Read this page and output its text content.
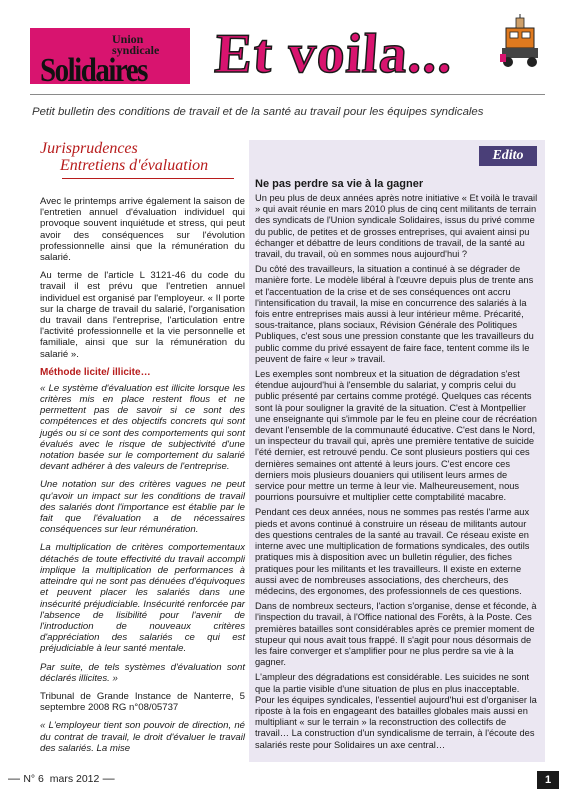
Union
syndicale
Solidaires Et voila...
Petit bulletin des conditions de travail et de la santé au travail pour les équipes syndicales
Jurisprudences
Entretiens d'évaluation

Avec le printemps arrive également la saison de l'entretien annuel d'évaluation individuel qui provoque souvent inquiétude et stress, qui peut avoir des conséquences sur l'évolution professionnelle ainsi que la rémunération du salarié.

Au terme de l'article L 3121-46 du code du travail il est prévu que l'entretien annuel individuel est organisé par l'employeur. « Il porte sur la charge de travail du salarié, l'organisation du travail dans l'entreprise, l'articulation entre l'activité professionnelle et la vie personnelle et familiale, ainsi que sur la rémunération du salarié ».

Méthode licite/ illicite…

« Le système d'évaluation est illicite lorsque les critères mis en place restent flous et ne permettent pas de savoir si ce sont des compétences et des objectifs concrets qui sont jugés ou si ce sont des comportements qui sont évalués avec le risque de subjectivité d'une notation basée sur le comportement du salarié devant adhérer à des valeurs de l'entreprise.

Une notation sur des critères vagues ne peut qu'avoir un impact sur les conditions de travail des salariés dont l'importance est établie par le fait que l'évaluation a de nécessaires conséquences sur leur rémunération.

La multiplication de critères comportementaux détachés de toute effectivité du travail accompli implique la multiplication de performances à atteindre qui ne sont pas dénuées d'équivoques et peuvent placer les salariés dans une insécurité préjudiciable. Insécurité renforcée par l'absence de lisibilité pour l'avenir de l'introduction de nouveaux critères d'appréciation des salariés ce qui est préjudiciable à leur santé mentale.

Par suite, de tels systèmes d'évaluation sont déclarés illicites. »

Tribunal de Grande Instance de Nanterre, 5 septembre 2008 RG n°08/05737

« L'employeur tient son pouvoir de direction, né du contrat de travail, le droit d'évaluer le travail des salariés. La mise

Edito
Ne pas perdre sa vie à la gagner

Un peu plus de deux années après notre initiative « Et voilà le travail » qui avait réunie en mars 2010 plus de cinq cent militants de terrain des syndicats de l'Union syndicale Solidaires, issus du privé comme du public, de petites et de grosses entreprises, qui avaient ainsi pu échanger et débattre de leurs conditions de travail, de la santé au travail, du travail, où en sommes nous aujourd'hui ?

Du côté des travailleurs, la situation a continué à se dégrader de manière forte. Le modèle libéral à l'œuvre depuis plus de trente ans et l'accentuation de la crise et de ses conséquences ont accru l'intensification du travail, la mise en concurrence des salariés à la fois entre entreprises mais aussi à leur intérieur même. Précarité, sous-traitance, plans sociaux, Révision Générale des Politiques Publiques, c'est sous une pression constante que les travailleurs du public comme du privé essayent de faire face, tentent comme ils le peuvent de faire « leur » travail.

Les exemples sont nombreux et la situation de dégradation s'est étendue aujourd'hui à l'ensemble du salariat, y compris celui du public présenté par certains comme protégé. Quelques cas récents sont là pour souligner la gravité de la situation. C'est à Montpellier une enseignante qui s'immole par le feu en pleine cour de récréation devant l'ensemble de la communauté éducative. C'est dans le Nord, un inspecteur du travail qui, après une première tentative de suicide l'été dernier, est retrouvé pendu. Ce sont plusieurs postiers qui ces dernières semaines ont attenté à leurs jours. C'est encore ces derniers mois plusieurs douaniers qui utilisent leurs armes de service pour mettre un terme à leur vie. Malheureusement, nous pourrions poursuivre et multiplier cette comptabilité macabre.

Pendant ces deux années, nous ne sommes pas restés l'arme aux pieds et avons continué à construire un réseau de militants autour des questions centrales de la santé au travail. Ce réseau existe en interne avec une multiplication de formations syndicales, des outils pratiques mis à disposition avec un bulletin régulier, des fiches pratiques pour les militants et les travailleurs. Il existe en externe aussi avec de nombreuses associations, des chercheurs, des médecins, des ergonomes, des professionnels de ces questions.

Dans de nombreux secteurs, l'action s'organise, dense et féconde, à l'inspection du travail, à l'Office national des Forêts, à la Poste. Ces premières batailles sont considérables après ce premier moment de stupeur qui nous avait tous frappé. Il s'agit pour nous désormais de les faire converger et s'amplifier pour ne plus perdre sa vie à la gagner.

L'ampleur des dégradations est considérable. Les suicides ne sont que la partie visible d'une situation de plus en plus inacceptable. Pour les équipes syndicales, l'essentiel aujourd'hui est d'organiser la riposte à la fois en engageant des batailles globales mais aussi en multipliant « sur le terrain » la reconstruction des collectifs de travail… La construction d'un syndicalisme de terrain, à l'écoute des salariés reste pour Solidaires un axe central…

— N° 6 mars 2012 —	1
